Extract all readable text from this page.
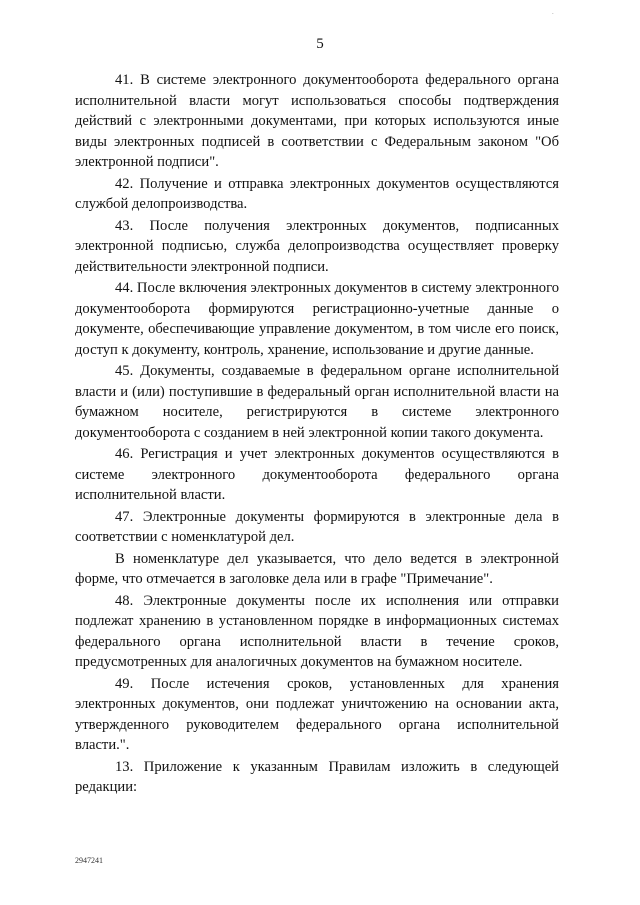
5
`

41. В системе электронного документооборота федерального органа исполнительной власти могут использоваться способы подтверждения действий с электронными документами, при которых используются иные виды электронных подписей в соответствии с Федеральным законом "Об электронной подписи".

42. Получение и отправка электронных документов осуществляются службой делопроизводства.

43. После получения электронных документов, подписанных электронной подписью, служба делопроизводства осуществляет проверку действительности электронной подписи.

44. После включения электронных документов в систему электронного документооборота формируются регистрационно-учетные данные о документе, обеспечивающие управление документом, в том числе его поиск, доступ к документу, контроль, хранение, использование и другие данные.

45. Документы, создаваемые в федеральном органе исполнительной власти и (или) поступившие в федеральный орган исполнительной власти на бумажном носителе, регистрируются в системе электронного документооборота с созданием в ней электронной копии такого документа.

46. Регистрация и учет электронных документов осуществляются в системе электронного документооборота федерального органа исполнительной власти.

47. Электронные документы формируются в электронные дела в соответствии с номенклатурой дел.

В номенклатуре дел указывается, что дело ведется в электронной форме, что отмечается в заголовке дела или в графе "Примечание".

48. Электронные документы после их исполнения или отправки подлежат хранению в установленном порядке в информационных системах федерального органа исполнительной власти в течение сроков, предусмотренных для аналогичных документов на бумажном носителе.

49. После истечения сроков, установленных для хранения электронных документов, они подлежат уничтожению на основании акта, утвержденного руководителем федерального органа исполнительной власти.".

13. Приложение к указанным Правилам изложить в следующей редакции:

2947241
